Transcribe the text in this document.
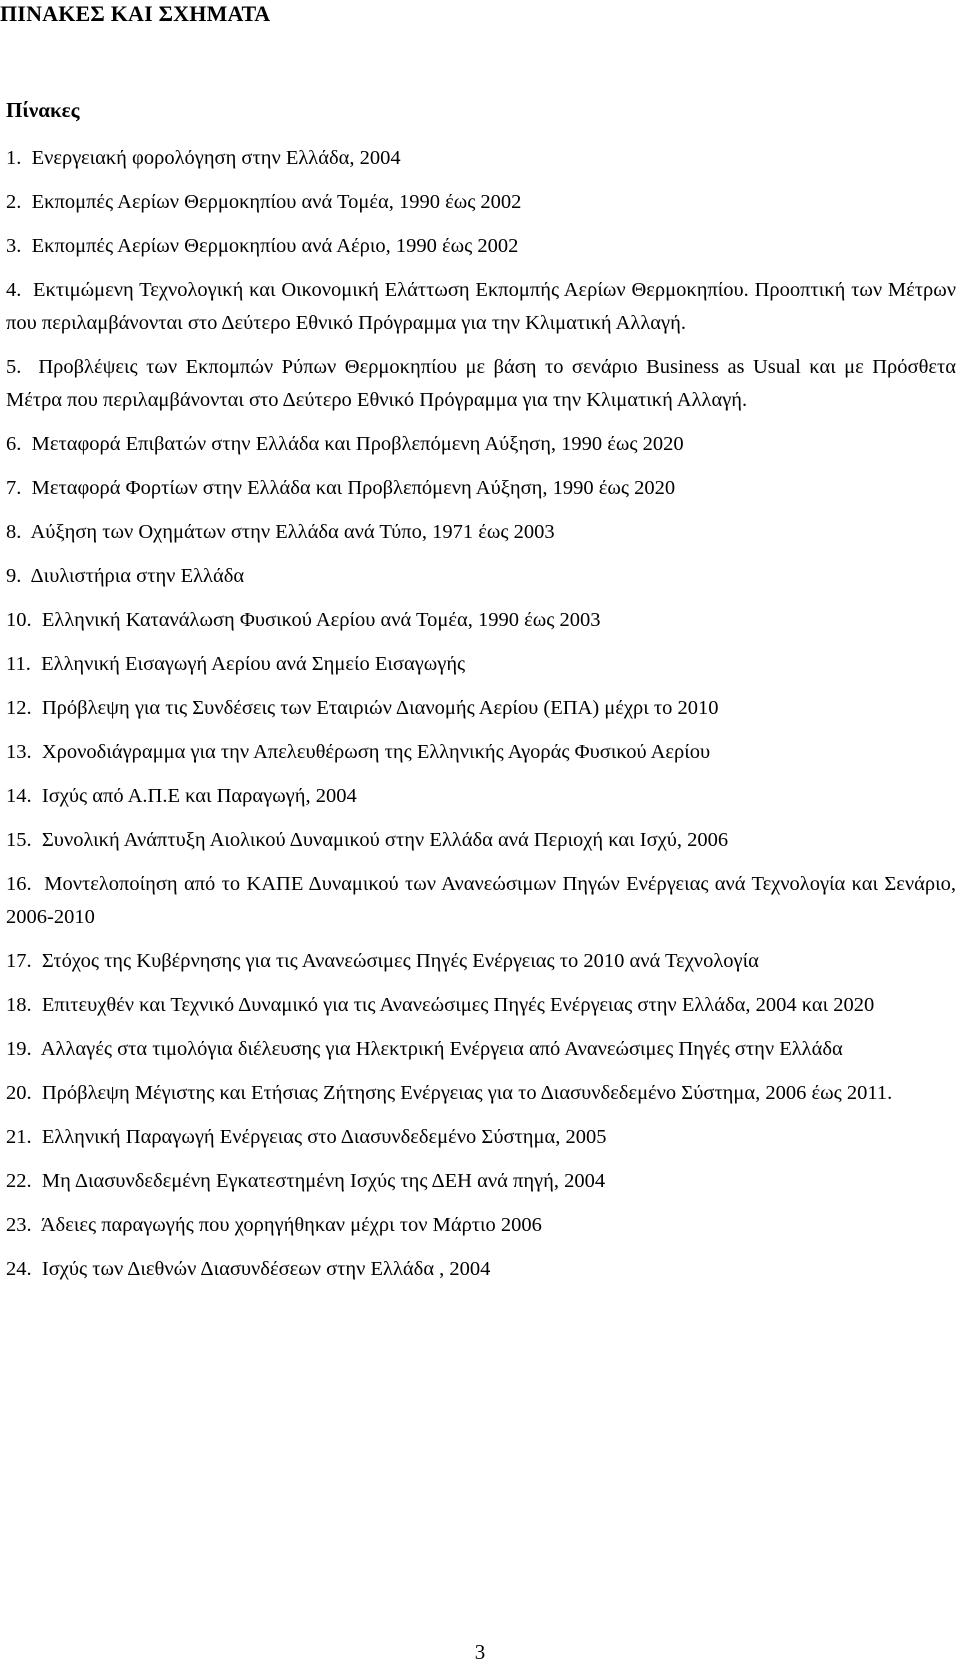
ΠΙΝΑΚΕΣ ΚΑΙ ΣΧΗΜΑΤΑ
Πίνακες
1. Ενεργειακή φορολόγηση στην Ελλάδα, 2004
2. Εκπομπές Αερίων Θερμοκηπίου ανά Τομέα, 1990 έως 2002
3. Εκπομπές Αερίων Θερμοκηπίου ανά Αέριο, 1990 έως 2002
4. Εκτιμώμενη Τεχνολογική και Οικονομική Ελάττωση Εκπομπής Αερίων Θερμοκηπίου. Προοπτική των Μέτρων που περιλαμβάνονται στο Δεύτερο Εθνικό Πρόγραμμα για την Κλιματική Αλλαγή.
5. Προβλέψεις των Εκπομπών Ρύπων Θερμοκηπίου με βάση το σενάριο Business as Usual και με Πρόσθετα Μέτρα που περιλαμβάνονται στο Δεύτερο Εθνικό Πρόγραμμα για την Κλιματική Αλλαγή.
6. Μεταφορά Επιβατών στην Ελλάδα και Προβλεπόμενη Αύξηση, 1990 έως 2020
7. Μεταφορά Φορτίων στην Ελλάδα και Προβλεπόμενη Αύξηση, 1990 έως 2020
8. Αύξηση των Οχημάτων στην Ελλάδα ανά Τύπο, 1971 έως 2003
9. Διυλιστήρια στην Ελλάδα
10. Ελληνική Κατανάλωση Φυσικού Αερίου ανά Τομέα, 1990 έως 2003
11. Ελληνική Εισαγωγή Αερίου ανά Σημείο Εισαγωγής
12. Πρόβλεψη για τις Συνδέσεις των Εταιριών Διανομής Αερίου (ΕΠΑ) μέχρι το 2010
13.  Χρονοδιάγραμμα για την Απελευθέρωση της Ελληνικής Αγοράς Φυσικού Αερίου
14. Ισχύς από Α.Π.Ε και Παραγωγή, 2004
15. Συνολική Ανάπτυξη Αιολικού Δυναμικού στην Ελλάδα ανά Περιοχή και Ισχύ, 2006
16. Μοντελοποίηση από το ΚΑΠΕ Δυναμικού των Ανανεώσιμων Πηγών Ενέργειας ανά Τεχνολογία και Σενάριο, 2006-2010
17. Στόχος της Κυβέρνησης για τις Ανανεώσιμες Πηγές Ενέργειας το 2010 ανά Τεχνολογία
18. Επιτευχθέν και Τεχνικό Δυναμικό για τις Ανανεώσιμες Πηγές Ενέργειας στην Ελλάδα, 2004 και 2020
19. Αλλαγές στα τιμολόγια διέλευσης για Ηλεκτρική Ενέργεια από Ανανεώσιμες Πηγές στην Ελλάδα
20. Πρόβλεψη Μέγιστης και Ετήσιας Ζήτησης Ενέργειας για το Διασυνδεδεμένο Σύστημα, 2006 έως 2011.
21. Ελληνική Παραγωγή Ενέργειας στο Διασυνδεδεμένο Σύστημα, 2005
22. Μη Διασυνδεδεμένη Εγκατεστημένη Ισχύς της ΔΕΗ ανά πηγή, 2004
23. Άδειες παραγωγής που χορηγήθηκαν μέχρι τον Μάρτιο 2006
24.  Ισχύς των Διεθνών Διασυνδέσεων στην Ελλάδα , 2004
3
